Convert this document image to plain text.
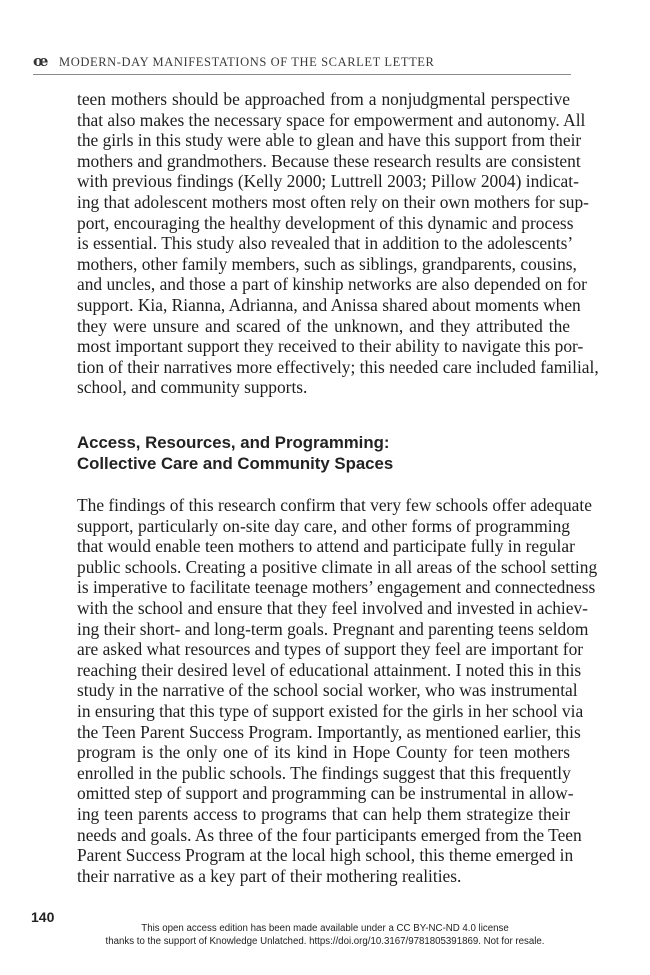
œ MODERN-DAY MANIFESTATIONS OF THE SCARLET LETTER
teen mothers should be approached from a nonjudgmental perspective
that also makes the necessary space for empowerment and autonomy. All
the girls in this study were able to glean and have this support from their
mothers and grandmothers. Because these research results are consistent
with previous findings (Kelly 2000; Luttrell 2003; Pillow 2004) indicat-
ing that adolescent mothers most often rely on their own mothers for sup-
port, encouraging the healthy development of this dynamic and process
is essential. This study also revealed that in addition to the adolescents’
mothers, other family members, such as siblings, grandparents, cousins,
and uncles, and those a part of kinship networks are also depended on for
support. Kia, Rianna, Adrianna, and Anissa shared about moments when
they were unsure and scared of the unknown, and they attributed the
most important support they received to their ability to navigate this por-
tion of their narratives more effectively; this needed care included familial,
school, and community supports.
Access, Resources, and Programming:
Collective Care and Community Spaces
The findings of this research confirm that very few schools offer adequate
support, particularly on-site day care, and other forms of programming
that would enable teen mothers to attend and participate fully in regular
public schools. Creating a positive climate in all areas of the school setting
is imperative to facilitate teenage mothers’ engagement and connectedness
with the school and ensure that they feel involved and invested in achiev-
ing their short- and long-term goals. Pregnant and parenting teens seldom
are asked what resources and types of support they feel are important for
reaching their desired level of educational attainment. I noted this in this
study in the narrative of the school social worker, who was instrumental
in ensuring that this type of support existed for the girls in her school via
the Teen Parent Success Program. Importantly, as mentioned earlier, this
program is the only one of its kind in Hope County for teen mothers
enrolled in the public schools. The findings suggest that this frequently
omitted step of support and programming can be instrumental in allow-
ing teen parents access to programs that can help them strategize their
needs and goals. As three of the four participants emerged from the Teen
Parent Success Program at the local high school, this theme emerged in
their narrative as a key part of their mothering realities.
140
This open access edition has been made available under a CC BY-NC-ND 4.0 license
thanks to the support of Knowledge Unlatched. https://doi.org/10.3167/9781805391869. Not for resale.
